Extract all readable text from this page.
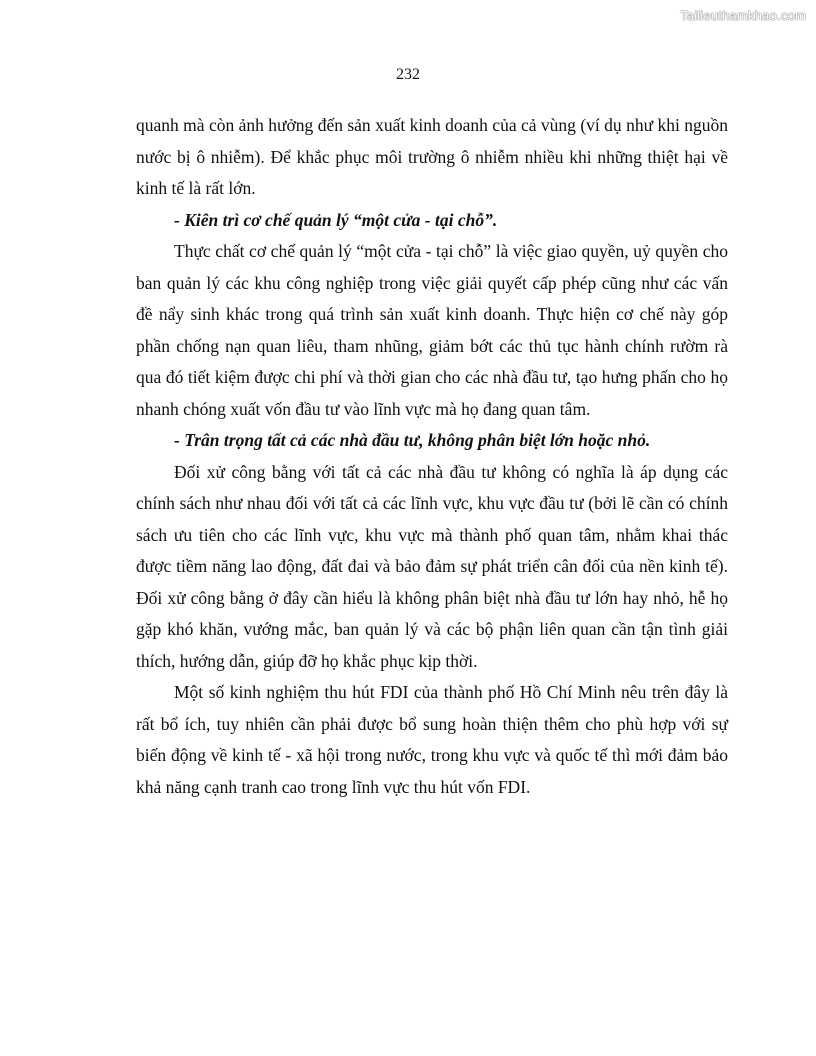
Tailieuthamkhao.com
232

quanh mà còn ảnh hưởng đến sản xuất kinh doanh của cả vùng (ví dụ như khi nguồn nước bị ô nhiễm). Để khắc phục môi trường ô nhiễm nhiều khi những thiệt hại về kinh tế là rất lớn.

- Kiên trì cơ chế quản lý “một cửa - tại chỗ”.

Thực chất cơ chế quản lý “một cửa - tại chỗ” là việc giao quyền, uỷ quyền cho ban quản lý các khu công nghiệp trong việc giải quyết cấp phép cũng như các vấn đề nẩy sinh khác trong quá trình sản xuất kinh doanh. Thực hiện cơ chế này góp phần chống nạn quan liêu, tham nhũng, giảm bớt các thủ tục hành chính rườm rà qua đó tiết kiệm được chi phí và thời gian cho các nhà đầu tư, tạo hưng phấn cho họ nhanh chóng xuất vốn đầu tư vào lĩnh vực mà họ đang quan tâm.

- Trân trọng tất cả các nhà đầu tư, không phân biệt lớn hoặc nhỏ.

Đối xử công bằng với tất cả các nhà đầu tư không có nghĩa là áp dụng các chính sách như nhau đối với tất cả các lĩnh vực, khu vực đầu tư (bởi lẽ cần có chính sách ưu tiên cho các lĩnh vực, khu vực mà thành phố quan tâm, nhằm khai thác được tiềm năng lao động, đất đai và bảo đảm sự phát triển cân đối của nền kinh tế). Đối xử công bằng ở đây cần hiểu là không phân biệt nhà đầu tư lớn hay nhỏ, hễ họ gặp khó khăn, vướng mắc, ban quản lý và các bộ phận liên quan cần tận tình giải thích, hướng dẫn, giúp đỡ họ khắc phục kịp thời.

Một số kinh nghiệm thu hút FDI của thành phố Hồ Chí Minh nêu trên đây là rất bổ ích, tuy nhiên cần phải được bổ sung hoàn thiện thêm cho phù hợp với sự biến động về kinh tế - xã hội trong nước, trong khu vực và quốc tế thì mới đảm bảo khả năng cạnh tranh cao trong lĩnh vực thu hút vốn FDI.
